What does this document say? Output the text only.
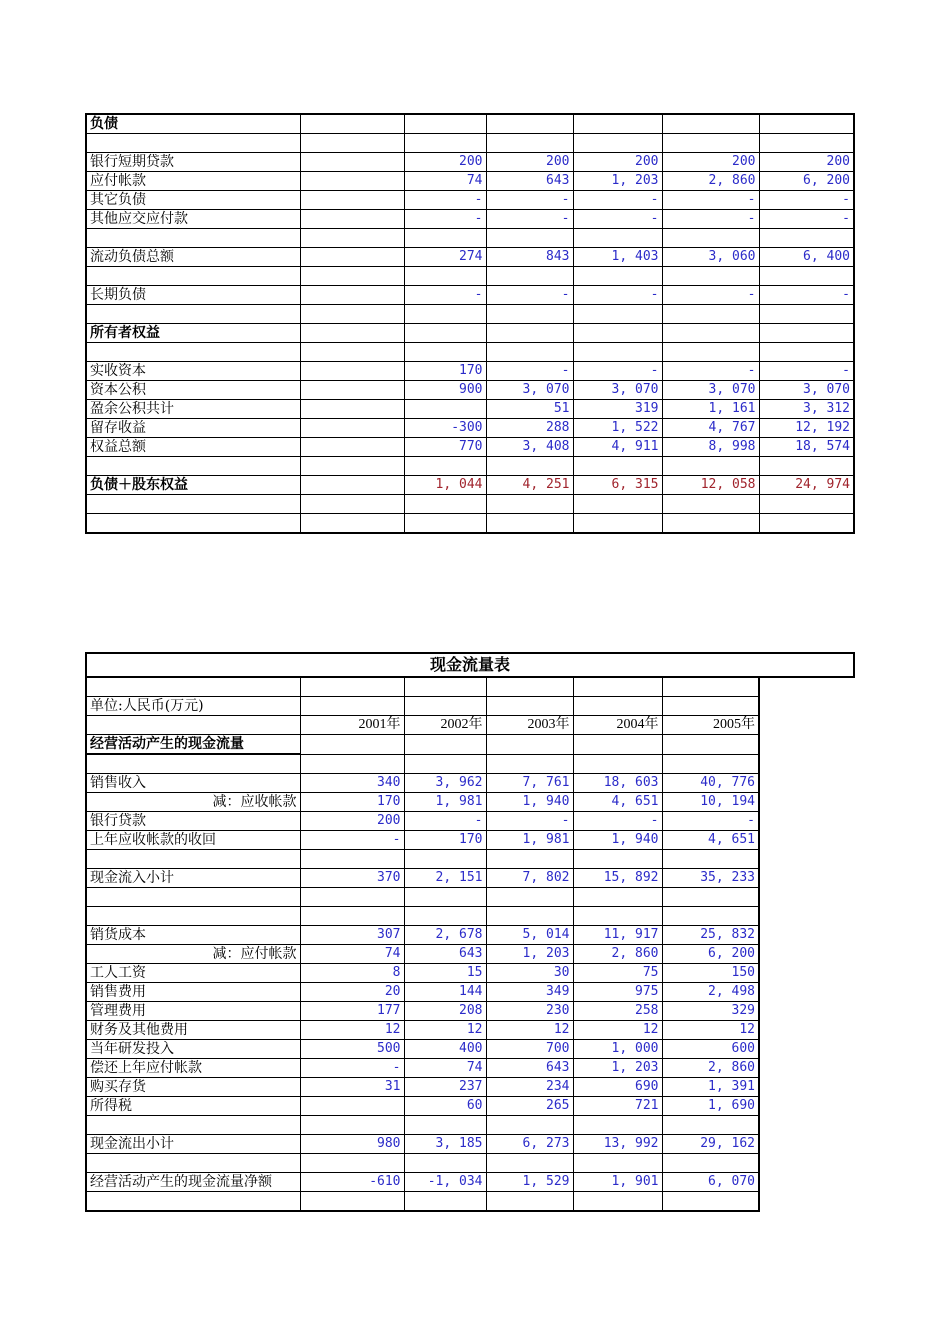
负债						

银行短期贷款		200	200	200	200	200
应付帐款		74	643	1, 203	2, 860	6, 200
其它负债		-	-	-	-	-
其他应交应付款		-	-	-	-	-

流动负债总额		274	843	1, 403	3, 060	6, 400

长期负债		-	-	-	-	-

所有者权益						

实收资本		170	-	-	-	-
资本公积		900	3, 070	3, 070	3, 070	3, 070
盈余公积共计			51	319	1, 161	3, 312
留存收益		-300	288	1, 522	4, 767	12, 192
权益总额		770	3, 408	4, 911	8, 998	18, 574

负债＋股东权益		1, 044	4, 251	6, 315	12, 058	24, 974

现金流量表						

单位:人民币(万元)						
	2001年	2002年	2003年	2004年	2005年	
经营活动产生的现金流量						

销售收入	340	3, 962	7, 761	18, 603	40, 776	
减：应收帐款	170	1, 981	1, 940	4, 651	10, 194	
银行贷款	200	-	-	-	-	
上年应收帐款的收回	-	170	1, 981	1, 940	4, 651	

现金流入小计	370	2, 151	7, 802	15, 892	35, 233	

销货成本	307	2, 678	5, 014	11, 917	25, 832	
减：应付帐款	74	643	1, 203	2, 860	6, 200	
工人工资	8	15	30	75	150	
销售费用	20	144	349	975	2, 498	
管理费用	177	208	230	258	329	
财务及其他费用	12	12	12	12	12	
当年研发投入	500	400	700	1, 000	600	
偿还上年应付帐款	-	74	643	1, 203	2, 860	
购买存货	31	237	234	690	1, 391	
所得税		60	265	721	1, 690	

现金流出小计	980	3, 185	6, 273	13, 992	29, 162	

经营活动产生的现金流量净额	-610	-1, 034	1, 529	1, 901	6, 070	
